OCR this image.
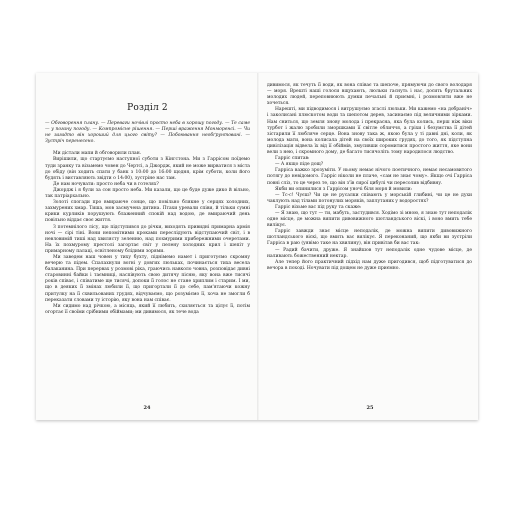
Розділ 2

— Обговорення плану. — Переваги ночівлі просто неба в хорошу погоду. — Те саме — у погану погоду. — Компромісне рішення. — Перші враження Монморенсі. — Чи не загадто він хороший для цього світу? — Побоювання необґрунтовані. — Зустріч перенесено.

Ми дістали мапи й обговорили план.

Вирішили, що стартуємо наступної суботи з Кінгстона. Ми з Гаррісом поїдемо туди зранку та візьмемо човен до Чертсі, а Джордж, який не може вирватися з міста до обіду (він ходить спати у банк з 10:00 до 16:00 щодня, крім суботи, коли його будять і виставляють звідти о 14:00), зустріне нас там.

Де нам ночувати: просто неба чи в готелях?

Джордж і я були за сон просто неба. Ми казали, що це буде дуже дико й вільно, так патріархально.

Золоті спогади про вмираюче сонце, що повільно блякне у серцях холодних, захмурених хмар. Тиша, мов засмучена дитина. Птахи уревали співи, й тільки сумні крики курликів порушують блаженний спокій над водою, де вмираючий день повільно віддає своє життя.

З потемнілого лісу, що підступився до річки, виходять привидні примарна армія ночі — сірі тіні. Вони непомітними кроками переслідують відступаючий світ, і в невловимій тиші над хвилясту зеленню, над похмурими прибережними очеретами. На їх похмурому престолі загортає світ у пелену холодних крил і шепіт у примарному палаці, освітленому блідими зорями.

Ми заведем наш човен у тиху бухту, піднімемо намет і приготуємо скромну вечерю та підем. Спалахнули вогні у довгих люльках, починається тиха весела балаканина. При перервах у розмові ріка, граючись навколо човна, розповідає дивні старовинні байки і таємниці, наспівують свою дитячу пісню, яку вона вже тисячі років співає, і співатиме ще тисячі, допоки її голос не стане хриплим і старим. І ми, що в деяких її змінах любили її, що пригортали її до себе, пам'ятаючи кожну притулку на її схвильованих грудях, відчуваємо, що розуміємо її, хоча не змогли б переказати словами ту історію, яку вона нам співає.

Ми сидимо над річкою, а місяць, який її любить, схиляється та цілує її, потім огортає її своїми срібними обіймами; ми дивимося, як тече вода

24

дивимося, як течуть її води, як вона співає та шепоче, прямуючи до свого володаря — моря. Врешті наші голоси вщухають, люльки гаснуть і нас, досить брутальних молодих людей, переповнюють думки печальні й приємні, і розмовляти вже не хочеться.

Нарешті, ми підводимося і витрушуємо згаслі люльки. Ми кажемо «на добраніч» і заколисані плюскотом води та шепотом дерев, засинаємо під величними зірками. Нам сниться, що земля знову молода і прекрасна, яка була колись, перш ніж віки турбот і жалю зробили зморшками її світле обличчя, а гріхи і безумства її дітей зістарили її любляче серце. Вона знову така ж, якою була у ті давні дні, коли, як молода мати, вона колисала дітей на своїх широких грудях, до того, як підступна цивілізація відвела їх від її обіймів, змусивши соромитися простого життя, яке вони вели з нею, і скромного дому, де багато тисячоліть тому народилося людство.

Гарріс спитав:

— А якщо піде дощ?

Гарріса важко зрозуміти. У ньому немає нічого поетичного, немає несамовитого потягу до невідомого. Гарріс ніколи не плаче, «сам не знає чому». Якщо очі Гарріса повні сліз, то це через те, що він з'їв сирої цибулі чи пересолив відбивну.

Якби ви опинилися з Гаррісом уночі біля моря й мовили:

— Тс-с! Чуєш? Чи це не русалки співають у морській глибині, чи це не духи чаклують над тілами потонулих моряків, заплутаних у водоростях?

Гарріс візьме вас під руку та скаже:

— Я знаю, що тут — ти, мабуть, застудився. Ходімо зі мною, я знаю тут неподалік одне місце, де можна випити дивовижного шотландського віскі, і воно вмить тебе вилікує.

Гарріс завжди знає місце неподалік, де можна випити дивовижного шотландського віскі, що вмить вас вилікує. Я переконаний, що якби ви зустріли Гарріса в раю (уявімо таке на хвилину), він привітав би вас так:

— Радий бачити, друже. Я знайшов тут неподалік одне чудове місце, де наливають божественний нектар.

Але тепер його практичний підхід нам дуже пригодився, щоб підготуватися до вечора в поході. Ночувати під дощем не дуже приємно.

25
